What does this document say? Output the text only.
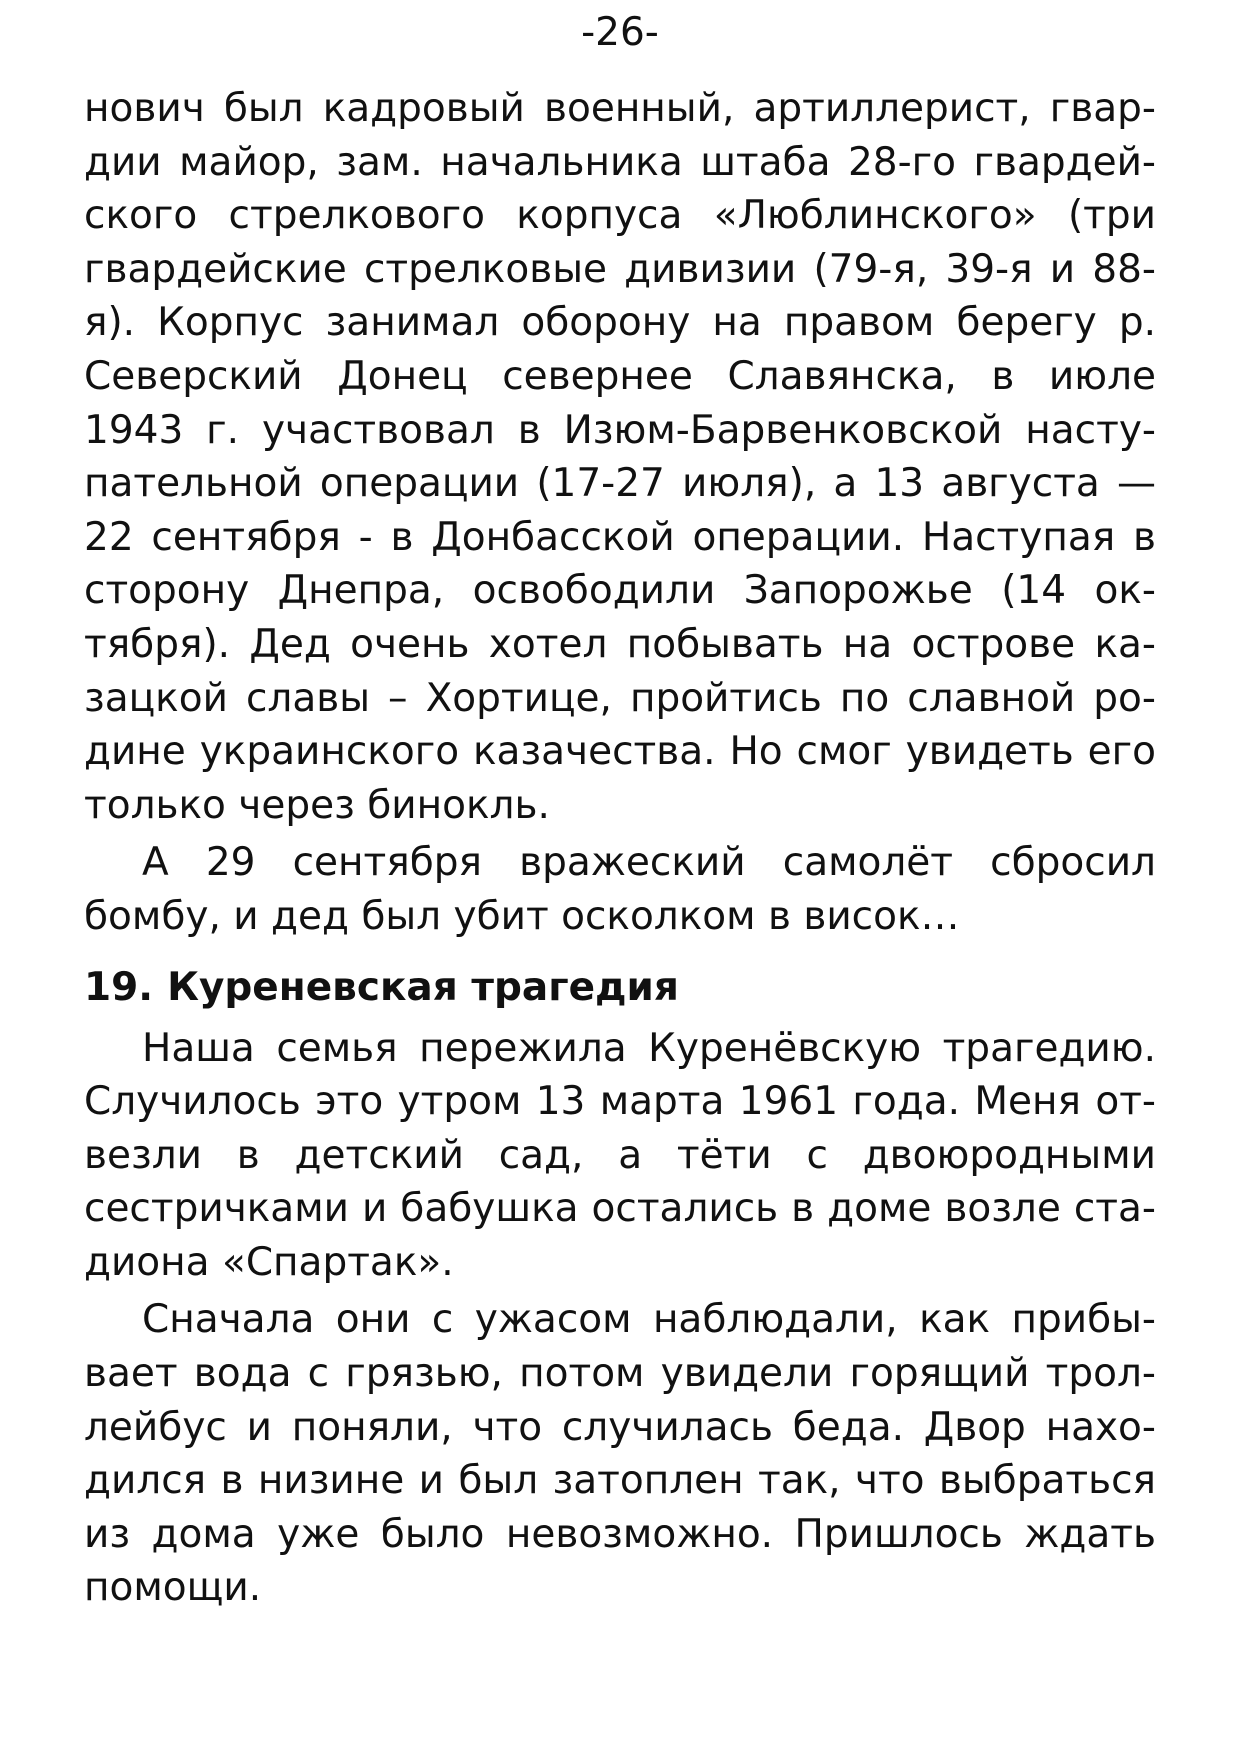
-26-

нович был кадровый военный, артиллерист, гвардии майор, зам. начальника штаба 28-го гвардейского стрелкового корпуса «Люблинского» (три гвардейские стрелковые дивизии (79-я, 39-я и 88-я). Корпус занимал оборону на правом берегу р. Северский Донец севернее Славянска, в июле 1943 г. участвовал в Изюм-Барвенковской наступательной операции (17-27 июля), а 13 августа — 22 сентября - в Донбасской операции. Наступая в сторону Днепра, освободили Запорожье (14 октября). Дед очень хотел побывать на острове казацкой славы – Хортице, пройтись по славной родине украинского казачества. Но смог увидеть его только через бинокль.

А 29 сентября вражеский самолёт сбросил бомбу, и дед был убит осколком в висок…

19. Куреневская трагедия

Наша семья пережила Куренёвскую трагедию. Случилось это утром 13 марта 1961 года. Меня отвезли в детский сад, а тёти с двоюродными сестричками и бабушка остались в доме возле стадиона «Спартак».

Сначала они с ужасом наблюдали, как прибывает вода с грязью, потом увидели горящий троллейбус и поняли, что случилась беда. Двор находился в низине и был затоплен так, что выбраться из дома уже было невозможно. Пришлось ждать помощи.
